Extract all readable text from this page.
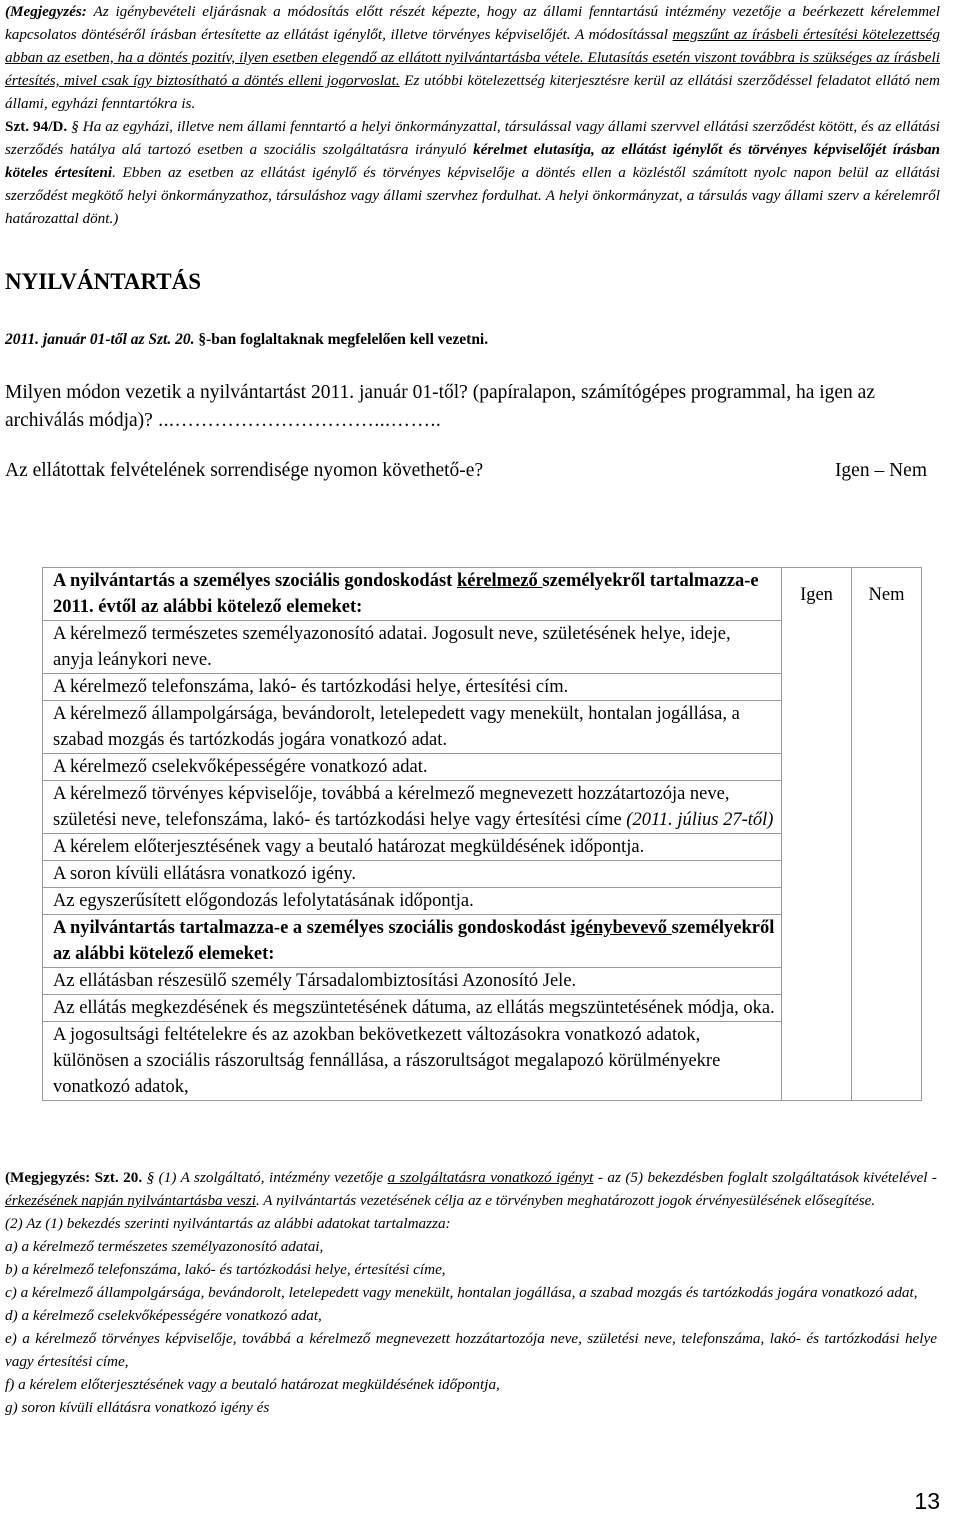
(Megjegyzés: Az igénybevételi eljárásnak a módosítás előtt részét képezte, hogy az állami fenntartású intézmény vezetője a beérkezett kérelemmel kapcsolatos döntéséről írásban értesítette az ellátást igénylőt, illetve törvényes képviselőjét. A módosítással megszűnt az írásbeli értesítési kötelezettség abban az esetben, ha a döntés pozitív, ilyen esetben elegendő az ellátott nyilvántartásba vétele. Elutasítás esetén viszont továbbra is szükséges az írásbeli értesítés, mivel csak így biztosítható a döntés elleni jogorvoslat. Ez utóbbi kötelezettség kiterjesztésre kerül az ellátási szerződéssel feladatot ellátó nem állami, egyházi fenntartókra is.
Szt. 94/D. § Ha az egyházi, illetve nem állami fenntartó a helyi önkormányzattal, társulással vagy állami szervvel ellátási szerződést kötött, és az ellátási szerződés hatálya alá tartozó esetben a szociális szolgáltatásra irányuló kérelmet elutasítja, az ellátást igénylőt és törvényes képviselőjét írásban köteles értesíteni. Ebben az esetben az ellátást igénylő és törvényes képviselője a döntés ellen a közléstől számított nyolc napon belül az ellátási szerződést megkötő helyi önkormányzathoz, társuláshoz vagy állami szervhez fordulhat. A helyi önkormányzat, a társulás vagy állami szerv a kérelemről határozattal dönt.)

NYILVÁNTARTÁS
2011. január 01-től az Szt. 20. §-ban foglaltaknak megfelelően kell vezetni.
Milyen módon vezetik a nyilvántartást 2011. január 01-től? (papíralapon, számítógépes programmal, ha igen az archiválás módja)? ...…………………………...……..
Az ellátottak felvételének sorrendisége nyomon követhető-e?	Igen – Nem
A nyilvántartás a személyes szociális gondoskodást kérelmező személyekről tartalmazza-e 2011. évtől az alábbi kötelező elemeket:	Igen	Nem
A kérelmező természetes személyazonosító adatai. Jogosult neve, születésének helye, ideje, anyja leánykori neve.
A kérelmező telefonszáma, lakó- és tartózkodási helye, értesítési cím.
A kérelmező állampolgársága, bevándorolt, letelepedett vagy menekült, hontalan jogállása, a szabad mozgás és tartózkodás jogára vonatkozó adat.
A kérelmező cselekvőképességére vonatkozó adat.
A kérelmező törvényes képviselője, továbbá a kérelmező megnevezett hozzátartozója neve, születési neve, telefonszáma, lakó- és tartózkodási helye vagy értesítési címe (2011. július 27-től)
A kérelem előterjesztésének vagy a beutaló határozat megküldésének időpontja.
A soron kívüli ellátásra vonatkozó igény.
Az egyszerűsített előgondozás lefolytatásának időpontja.
A nyilvántartás tartalmazza-e a személyes szociális gondoskodást igénybevevő személyekről az alábbi kötelező elemeket:
Az ellátásban részesülő személy Társadalombiztosítási Azonosító Jele.
Az ellátás megkezdésének és megszüntetésének dátuma, az ellátás megszüntetésének módja, oka.
A jogosultsági feltételekre és az azokban bekövetkezett változásokra vonatkozó adatok, különösen a szociális rászorultság fennállása, a rászorultságot megalapozó körülményekre vonatkozó adatok,

(Megjegyzés: Szt. 20. § (1) A szolgáltató, intézmény vezetője a szolgáltatásra vonatkozó igényt - az (5) bekezdésben foglalt szolgáltatások kivételével - érkezésének napján nyilvántartásba veszi. A nyilvántartás vezetésének célja az e törvényben meghatározott jogok érvényesülésének elősegítése.

(2) Az (1) bekezdés szerinti nyilvántartás az alábbi adatokat tartalmazza:
a) a kérelmező természetes személyazonosító adatai,
b) a kérelmező telefonszáma, lakó- és tartózkodási helye, értesítési címe,
c) a kérelmező állampolgársága, bevándorolt, letelepedett vagy menekült, hontalan jogállása, a szabad mozgás és tartózkodás jogára vonatkozó adat,
d) a kérelmező cselekvőképességére vonatkozó adat,
e) a kérelmező törvényes képviselője, továbbá a kérelmező megnevezett hozzátartozója neve, születési neve, telefonszáma, lakó- és tartózkodási helye vagy értesítési címe,
f) a kérelem előterjesztésének vagy a beutaló határozat megküldésének időpontja,
g) soron kívüli ellátásra vonatkozó igény és
13
